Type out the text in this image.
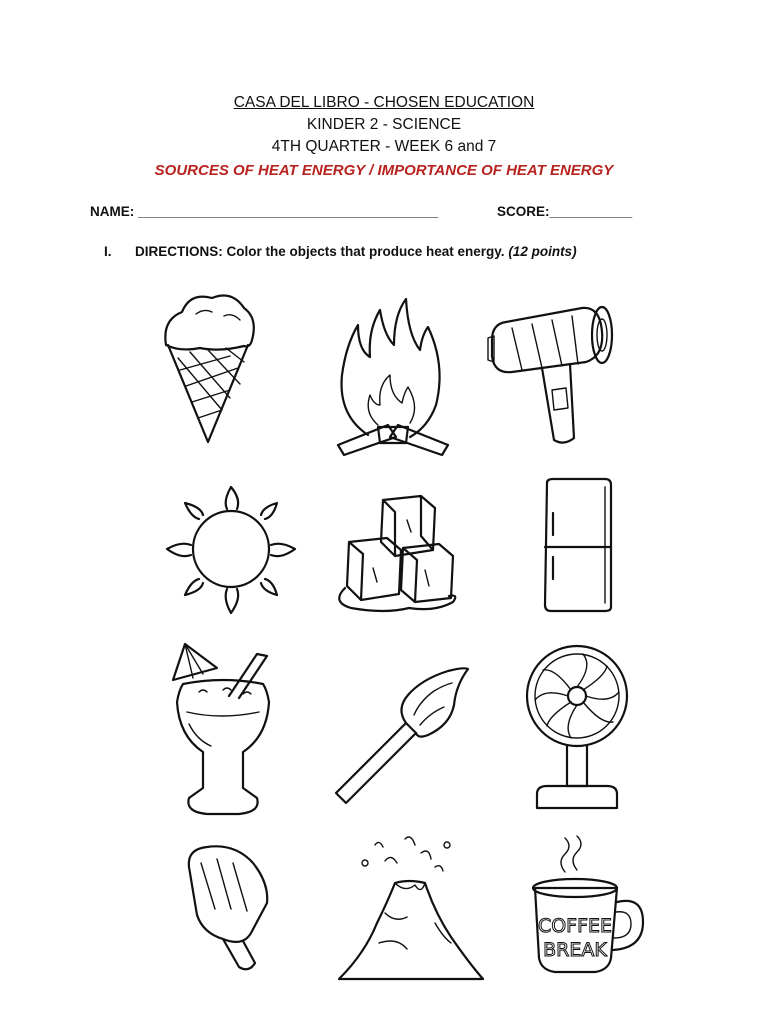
CASA DEL LIBRO - CHOSEN EDUCATION
KINDER 2 - SCIENCE
4TH QUARTER - WEEK 6 and 7
SOURCES OF HEAT ENERGY / IMPORTANCE OF HEAT ENERGY
NAME: ________________________________________	SCORE:___________
I. DIRECTIONS: Color the objects that produce heat energy. (12 points)
COFFEE
BREAK
